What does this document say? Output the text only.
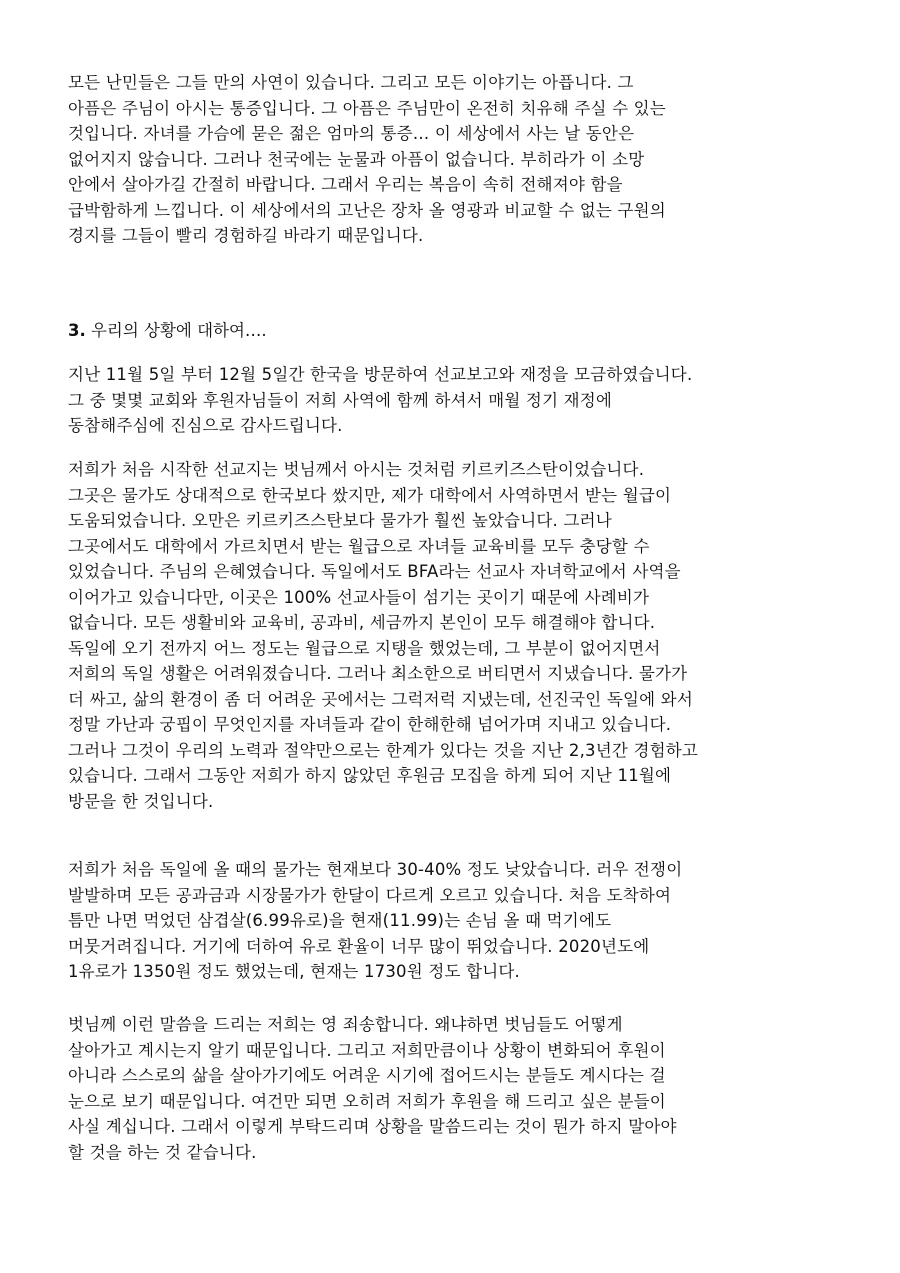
모든 난민들은 그들 만의 사연이 있습니다. 그리고 모든 이야기는 아픕니다. 그
아픔은 주님이 아시는 통증입니다. 그 아픔은 주님만이 온전히 치유해 주실 수 있는
것입니다. 자녀를 가슴에 묻은 젊은 엄마의 통증… 이 세상에서 사는 날 동안은
없어지지 않습니다. 그러나 천국에는 눈물과 아픔이 없습니다. 부히라가 이 소망
안에서 살아가길 간절히 바랍니다. 그래서 우리는 복음이 속히 전해져야 함을
급박함하게 느낍니다. 이 세상에서의 고난은 장차 올 영광과 비교할 수 없는 구원의
경지를 그들이 빨리 경험하길 바라기 때문입니다.
3. 우리의 상황에 대하여….
지난 11월 5일 부터 12월 5일간 한국을 방문하여 선교보고와 재정을 모금하였습니다.
그 중 몇몇 교회와 후원자님들이 저희 사역에 함께 하셔서 매월 정기 재정에
동참해주심에 진심으로 감사드립니다.
저희가 처음 시작한 선교지는 벗님께서 아시는 것처럼 키르키즈스탄이었습니다.
그곳은 물가도 상대적으로 한국보다 쌌지만, 제가 대학에서 사역하면서 받는 월급이
도움되었습니다. 오만은 키르키즈스탄보다 물가가 훨씬 높았습니다. 그러나
그곳에서도 대학에서 가르치면서 받는 월급으로 자녀들 교육비를 모두 충당할 수
있었습니다. 주님의 은혜였습니다. 독일에서도 BFA라는 선교사 자녀학교에서 사역을
이어가고 있습니다만, 이곳은 100% 선교사들이 섬기는 곳이기 때문에 사례비가
없습니다. 모든 생활비와 교육비, 공과비, 세금까지 본인이 모두 해결해야 합니다.
독일에 오기 전까지 어느 정도는 월급으로 지탱을 했었는데, 그 부분이 없어지면서
저희의 독일 생활은 어려워졌습니다. 그러나 최소한으로 버티면서 지냈습니다. 물가가
더 싸고, 삶의 환경이 좀 더 어려운 곳에서는 그럭저럭 지냈는데, 선진국인 독일에 와서
정말 가난과 궁핍이 무엇인지를 자녀들과 같이 한해한해 넘어가며 지내고 있습니다.
그러나 그것이 우리의 노력과 절약만으로는 한계가 있다는 것을 지난 2,3년간 경험하고
있습니다. 그래서 그동안 저희가 하지 않았던 후원금 모집을 하게 되어 지난 11월에
방문을 한 것입니다.
저희가 처음 독일에 올 때의 물가는 현재보다 30-40% 정도 낮았습니다. 러우 전쟁이
발발하며 모든 공과금과 시장물가가 한달이 다르게 오르고 있습니다. 처음 도착하여
틈만 나면 먹었던 삼겹살(6.99유로)을 현재(11.99)는 손님 올 때 먹기에도
머뭇거려집니다. 거기에 더하여 유로 환율이 너무 많이 뛰었습니다. 2020년도에
1유로가 1350원 정도 했었는데, 현재는 1730원 정도 합니다.
벗님께 이런 말씀을 드리는 저희는 영 죄송합니다. 왜냐하면 벗님들도 어떻게
살아가고 계시는지 알기 때문입니다. 그리고 저희만큼이나 상황이 변화되어 후원이
아니라 스스로의 삶을 살아가기에도 어려운 시기에 접어드시는 분들도 계시다는 걸
눈으로 보기 때문입니다. 여건만 되면 오히려 저희가 후원을 해 드리고 싶은 분들이
사실 계십니다. 그래서 이렇게 부탁드리며 상황을 말씀드리는 것이 뭔가 하지 말아야
할 것을 하는 것 같습니다.
